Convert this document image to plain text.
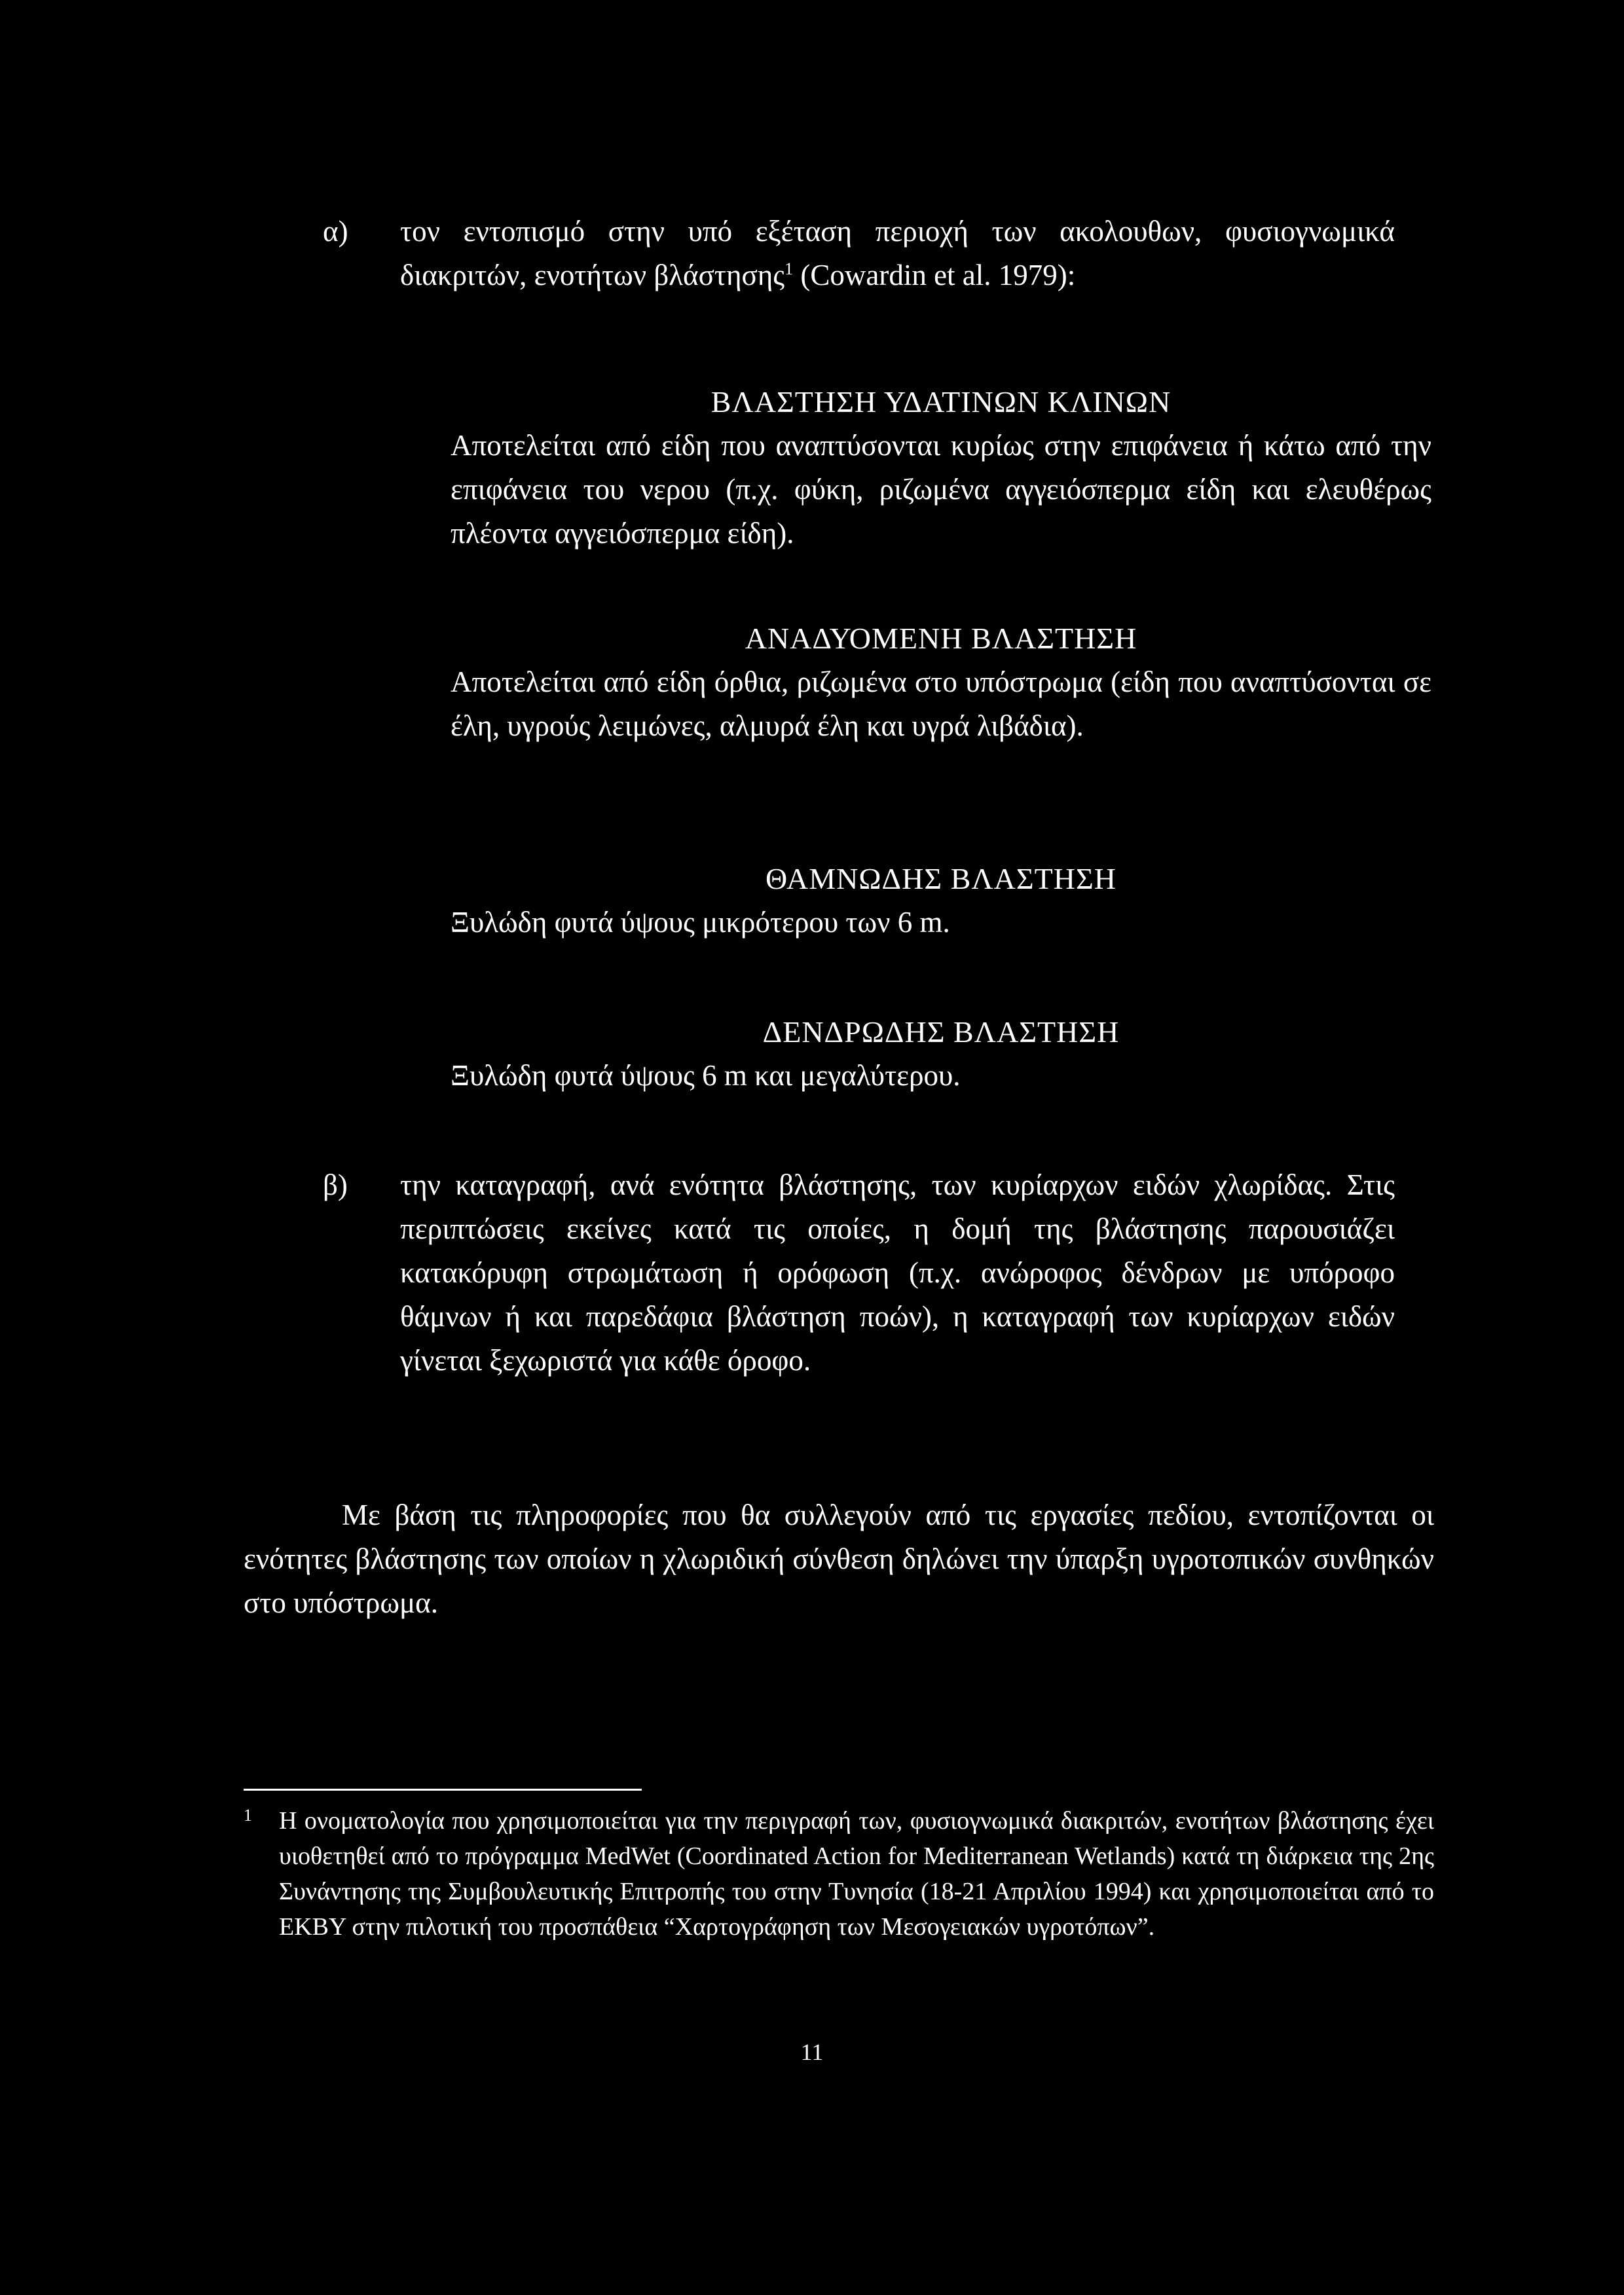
α)	τον εντοπισμό στην υπό εξέταση περιοχή των ακολουθων, φυσιογνωμικά διακριτών, ενοτήτων βλάστησης$^1$ (Cowardin et al. 1979):

ΒΛΑΣΤΗΣΗ ΥΔΑΤΙΝΩΝ ΚΛΙΝΩΝ

Αποτελείται από είδη που αναπτύσονται κυρίως στην επιφάνεια ή κάτω από την επιφάνεια του νερου (π.χ. φύκη, ριζωμένα αγγειόσπερμα είδη και ελευθέρως πλέοντα αγγειόσπερμα είδη).

ΑΝΑΔΥΟΜΕΝΗ ΒΛΑΣΤΗΣΗ

Αποτελείται από είδη όρθια, ριζωμένα στο υπόστρωμα (είδη που αναπτύσονται σε έλη, υγρούς λειμώνες, αλμυρά έλη και υγρά λιβάδια).

ΘΑΜΝΩΔΗΣ ΒΛΑΣΤΗΣΗ

Ξυλώδη φυτά ύψους μικρότερου των 6 m.

ΔΕΝΔΡΩΔΗΣ ΒΛΑΣΤΗΣΗ

Ξυλώδη φυτά ύψους 6 m και μεγαλύτερου.

β)	την καταγραφή, ανά ενότητα βλάστησης, των κυρίαρχων ειδών χλωρίδας. Στις περιπτώσεις εκείνες κατά τις οποίες, η δομή της βλάστησης παρουσιάζει κατακόρυφη στρωμάτωση ή ορόφωση (π.χ. ανώροφος δένδρων με υπόροφο θάμνων ή και παρεδάφια βλάστηση ποών), η καταγραφή των κυρίαρχων ειδών γίνεται ξεχωριστά για κάθε όροφο.
Με βάση τις πληροφορίες που θα συλλεγούν από τις εργασίες πεδίου, εντοπίζονται οι ενότητες βλάστησης των οποίων η χλωριδική σύνθεση δηλώνει την ύπαρξη υγροτοπικών συνθηκών στο υπόστρωμα.
1	Η ονοματολογία που χρησιμοποιείται για την περιγραφή των, φυσιογνωμικά διακριτών, ενοτήτων βλάστησης έχει υιοθετηθεί από το πρόγραμμα MedWet (Coordinated Action for Mediterranean Wetlands) κατά τη διάρκεια της 2ης Συνάντησης της Συμβουλευτικής Επιτροπής του στην Τυνησία (18-21 Απριλίου 1994) και χρησιμοποιείται από το ΕΚΒΥ στην πιλοτική του προσπάθεια “Χαρτογράφηση των Μεσογειακών υγροτόπων”.
11
